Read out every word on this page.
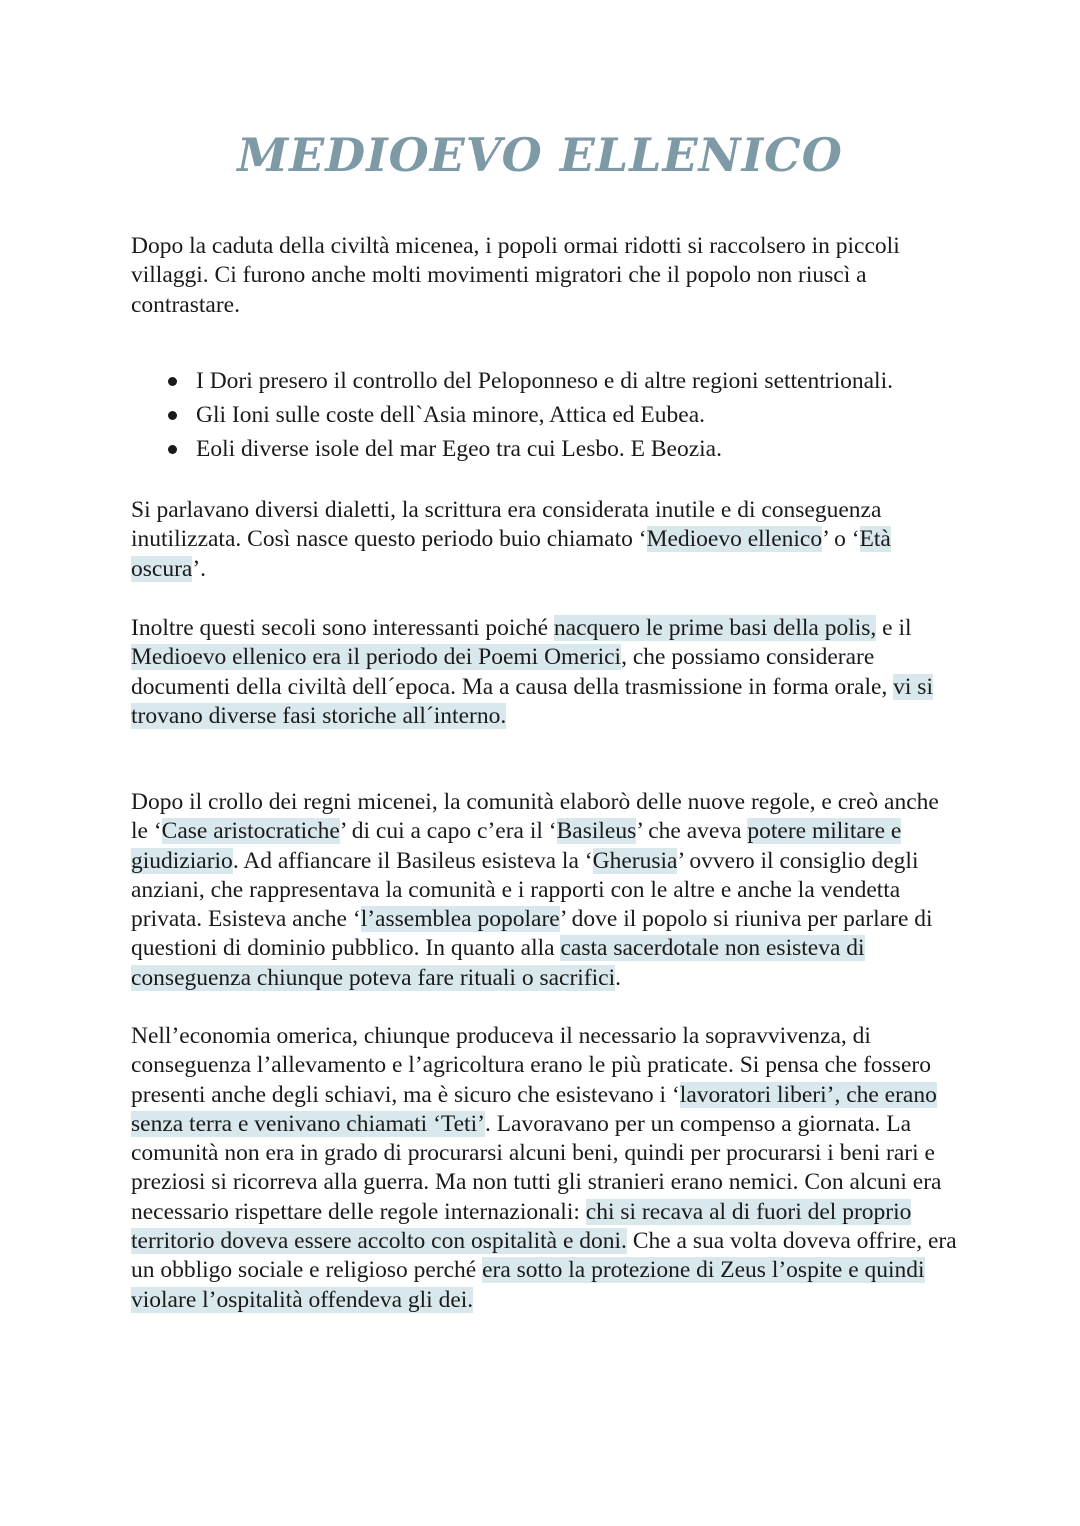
MEDIOEVO ELLENICO

Dopo la caduta della civiltà micenea, i popoli ormai ridotti si raccolsero in piccoli villaggi. Ci furono anche molti movimenti migratori che il popolo non riuscì a contrastare.

I Dori presero il controllo del Peloponneso e di altre regioni settentrionali.
Gli Ioni sulle coste dell`Asia minore, Attica ed Eubea.
Eoli diverse isole del mar Egeo tra cui Lesbo. E Beozia.

Si parlavano diversi dialetti, la scrittura era considerata inutile e di conseguenza inutilizzata. Così nasce questo periodo buio chiamato ‘Medioevo ellenico’ o ‘Età oscura’.

Inoltre questi secoli sono interessanti poiché nacquero le prime basi della polis, e il Medioevo ellenico era il periodo dei Poemi Omerici, che possiamo considerare documenti della civiltà dell´epoca. Ma a causa della trasmissione in forma orale, vi si trovano diverse fasi storiche all´interno.

Dopo il crollo dei regni micenei, la comunità elaborò delle nuove regole, e creò anche le ‘Case aristocratiche’ di cui a capo c’era il ‘Basileus’ che aveva potere militare e giudiziario. Ad affiancare il Basileus esisteva la ‘Gherusia’ ovvero il consiglio degli anziani, che rappresentava la comunità e i rapporti con le altre e anche la vendetta privata. Esisteva anche ‘l’assemblea popolare’ dove il popolo si riuniva per parlare di questioni di dominio pubblico. In quanto alla casta sacerdotale non esisteva di conseguenza chiunque poteva fare rituali o sacrifici.

Nell’economia omerica, chiunque produceva il necessario la sopravvivenza, di conseguenza l’allevamento e l’agricoltura erano le più praticate. Si pensa che fossero presenti anche degli schiavi, ma è sicuro che esistevano i ‘lavoratori liberi’, che erano senza terra e venivano chiamati ‘Teti’. Lavoravano per un compenso a giornata. La comunità non era in grado di procurarsi alcuni beni, quindi per procurarsi i beni rari e preziosi si ricorreva alla guerra. Ma non tutti gli stranieri erano nemici. Con alcuni era necessario rispettare delle regole internazionali: chi si recava al di fuori del proprio territorio doveva essere accolto con ospitalità e doni. Che a sua volta doveva offrire, era un obbligo sociale e religioso perché era sotto la protezione di Zeus l’ospite e quindi violare l’ospitalità offendeva gli dei.
